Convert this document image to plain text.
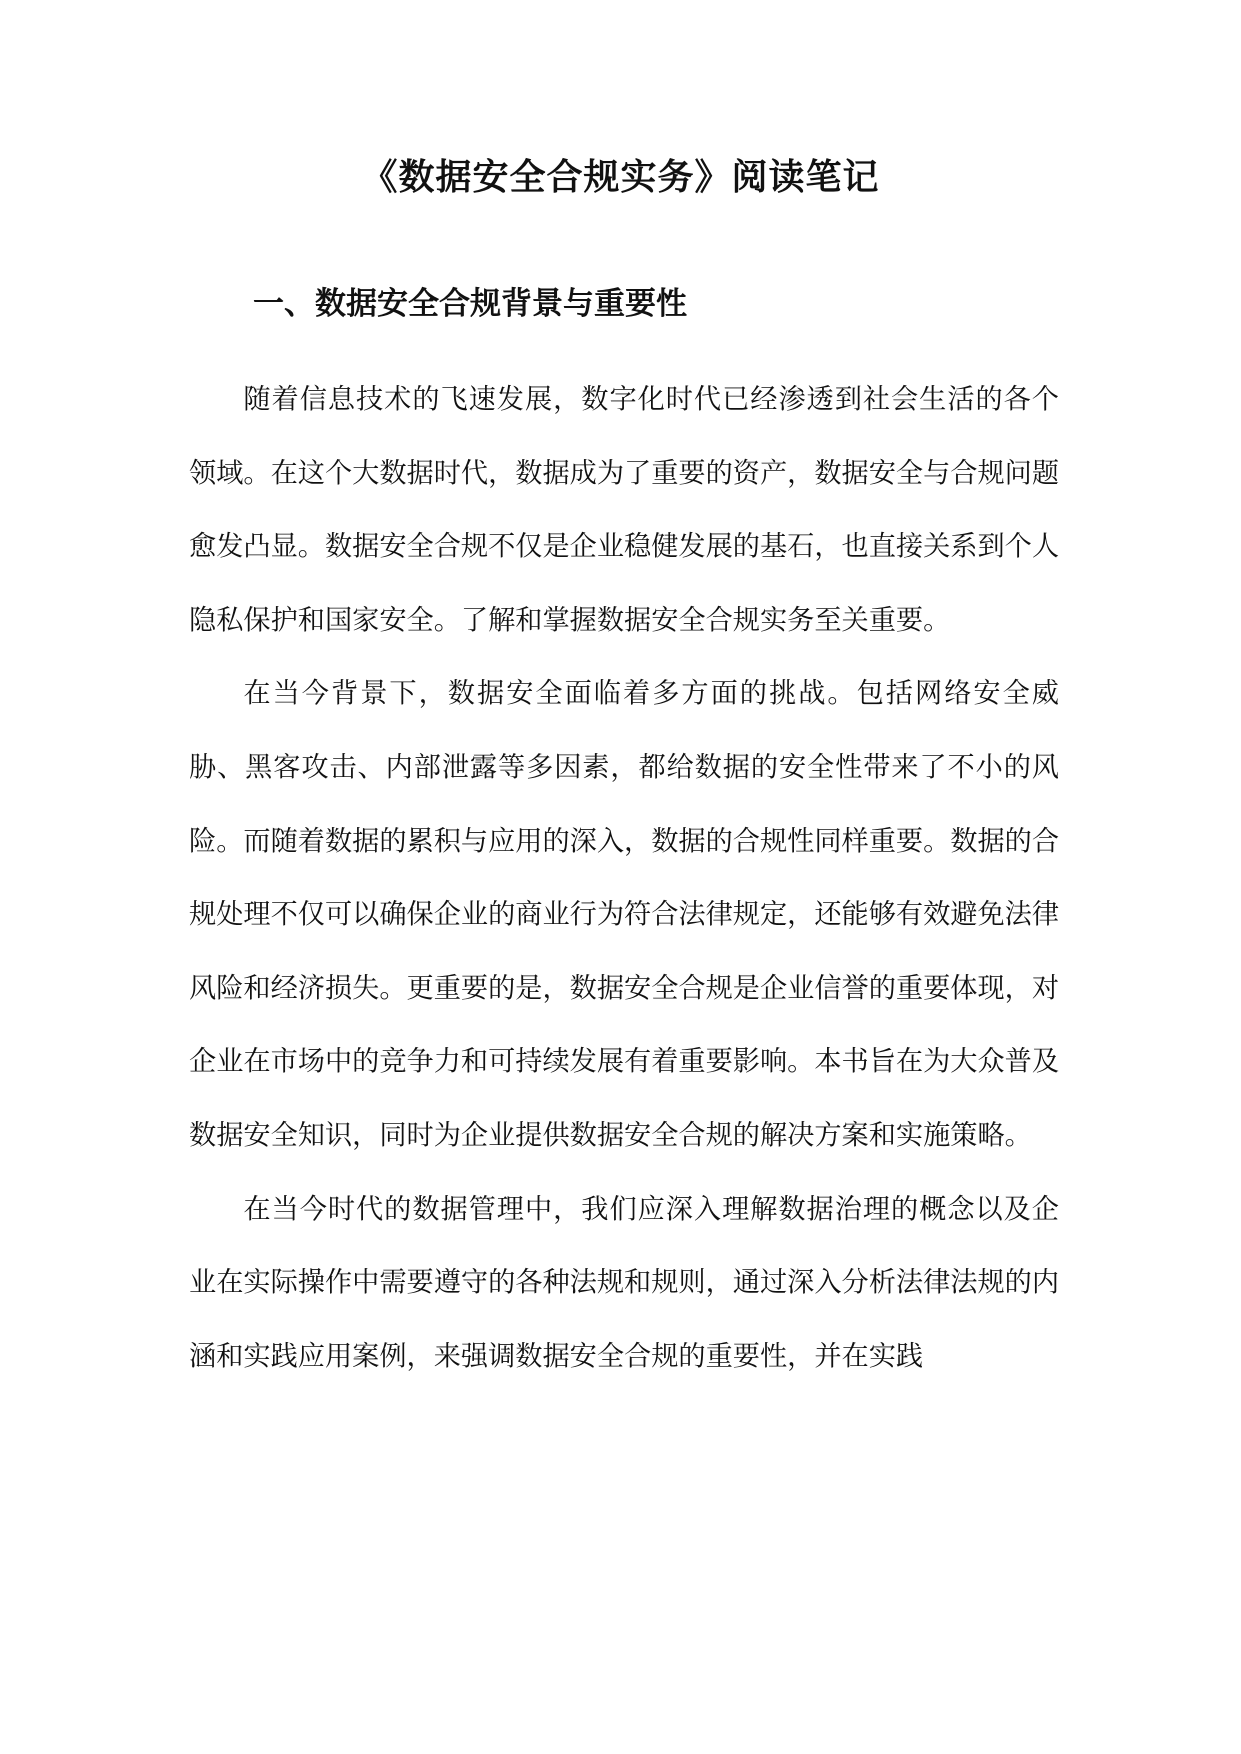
《数据安全合规实务》阅读笔记
一、数据安全合规背景与重要性

随着信息技术的飞速发展，数字化时代已经渗透到社会生活的各个领域。在这个大数据时代，数据成为了重要的资产，数据安全与合规问题愈发凸显。数据安全合规不仅是企业稳健发展的基石，也直接关系到个人隐私保护和国家安全。了解和掌握数据安全合规实务至关重要。

在当今背景下，数据安全面临着多方面的挑战。包括网络安全威胁、黑客攻击、内部泄露等多因素，都给数据的安全性带来了不小的风险。而随着数据的累积与应用的深入，数据的合规性同样重要。数据的合规处理不仅可以确保企业的商业行为符合法律规定，还能够有效避免法律风险和经济损失。更重要的是，数据安全合规是企业信誉的重要体现，对企业在市场中的竞争力和可持续发展有着重要影响。本书旨在为大众普及数据安全知识，同时为企业提供数据安全合规的解决方案和实施策略。

在当今时代的数据管理中，我们应深入理解数据治理的概念以及企业在实际操作中需要遵守的各种法规和规则，通过深入分析法律法规的内涵和实践应用案例，来强调数据安全合规的重要性，并在实践
